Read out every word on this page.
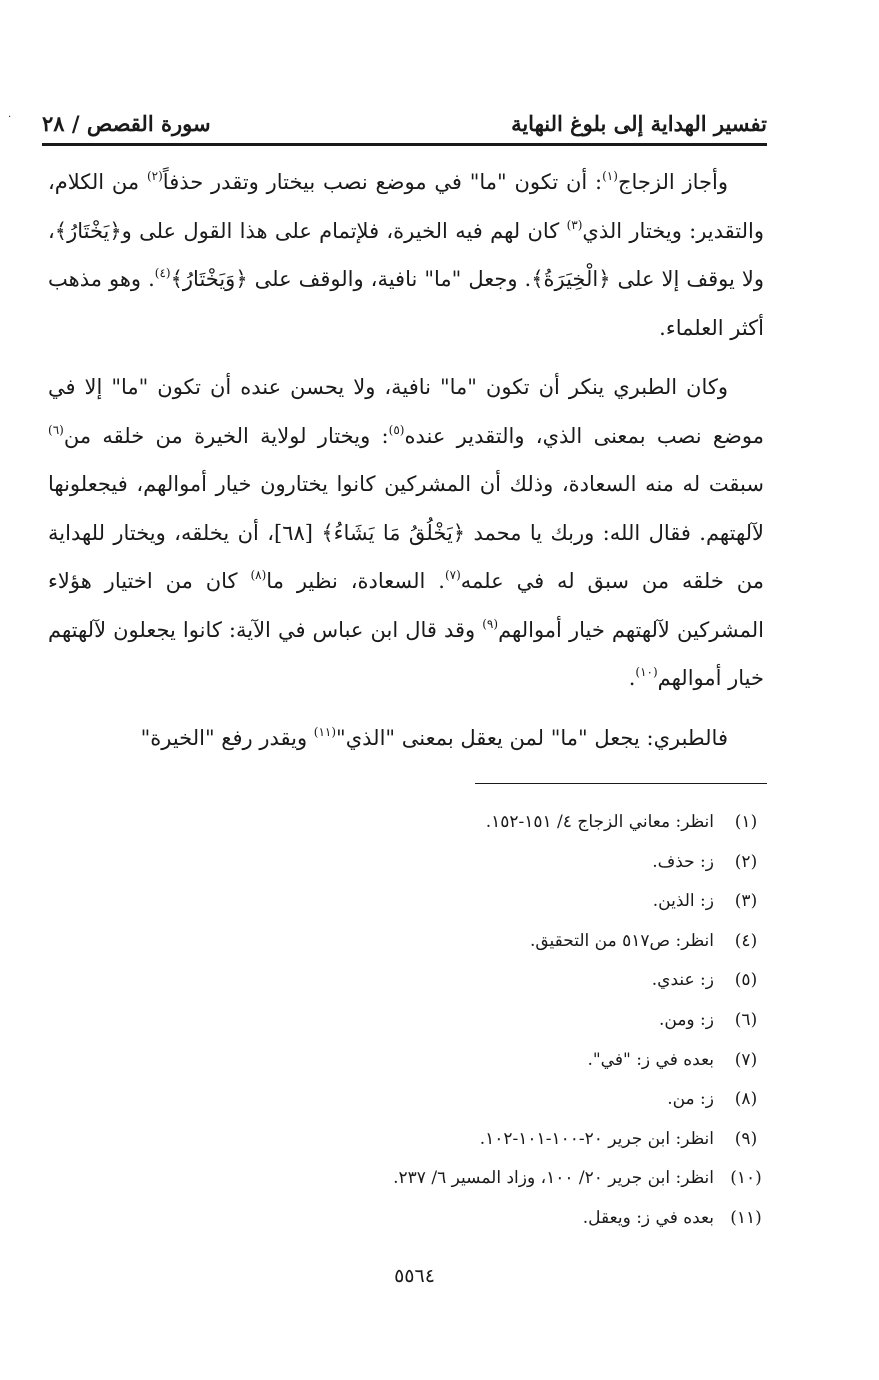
·	تفسير الهداية إلى بلوغ النهاية
سورة القصص / ٢٨

وأجاز الزجاج$^{(١)}$: أن تكون "ما" في موضع نصب بيختار وتقدر حذفاً$^{(٢)}$ من الكلام، والتقدير: ويختار الذي$^{(٣)}$ كان لهم فيه الخيرة، فلإتمام على هذا القول على و﴿يَخْتَارُ﴾، ولا يوقف إلا على ﴿الْخِيَرَةُ﴾. وجعل "ما" نافية، والوقف على ﴿وَيَخْتَارُ﴾$^{(٤)}$. وهو مذهب أكثر العلماء.

وكان الطبري ينكر أن تكون "ما" نافية، ولا يحسن عنده أن تكون "ما" إلا في موضع نصب بمعنى الذي، والتقدير عنده$^{(٥)}$: ويختار لولاية الخيرة من خلقه من$^{(٦)}$ سبقت له منه السعادة، وذلك أن المشركين كانوا يختارون خيار أموالهم، فيجعلونها لآلهتهم. فقال الله: وربك يا محمد ﴿يَخْلُقُ مَا يَشَاءُ﴾ [٦٨]، أن يخلقه، ويختار للهداية من خلقه من سبق له في علمه$^{(٧)}$. السعادة، نظير ما$^{(٨)}$ كان من اختيار هؤلاء المشركين لآلهتهم خيار أموالهم$^{(٩)}$ وقد قال ابن عباس في الآية: كانوا يجعلون لآلهتهم خيار أموالهم$^{(١٠)}$.

فالطبري: يجعل "ما" لمن يعقل بمعنى "الذي"$^{(١١)}$ ويقدر رفع "الخيرة"

(١)
انظر: معاني الزجاج ٤/ ١٥١-١٥٢.
(٢)
ز: حذف.
(٣)
ز: الذين.
(٤)
انظر: ص٥١٧ من التحقيق.
(٥)
ز: عندي.
(٦)
ز: ومن.
(٧)
بعده في ز: "في".
(٨)
ز: من.
(٩)
انظر: ابن جرير ٢٠-١٠٠-١٠١-١٠٢.
(١٠)
انظر: ابن جرير ٢٠/ ١٠٠، وزاد المسير ٦/ ٢٣٧.
(١١)
بعده في ز: ويعقل.
٥٥٦٤
